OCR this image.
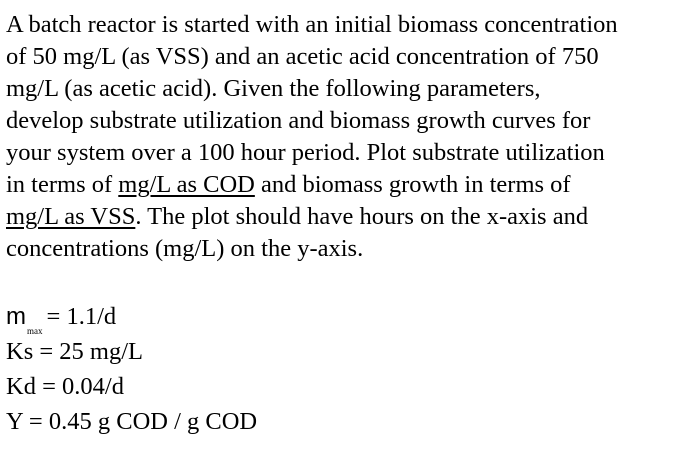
A batch reactor is started with an initial biomass concentration
of 50 mg/L (as VSS) and an acetic acid concentration of 750
mg/L (as acetic acid). Given the following parameters,
develop substrate utilization and biomass growth curves for
your system over a 100 hour period. Plot substrate utilization
in terms of mg/L as COD and biomass growth in terms of
mg/L as VSS. The plot should have hours on the x-axis and
concentrations (mg/L) on the y-axis.
mmax= 1.1/d
Ks = 25 mg/L
Kd = 0.04/d
Y = 0.45 g COD / g COD
